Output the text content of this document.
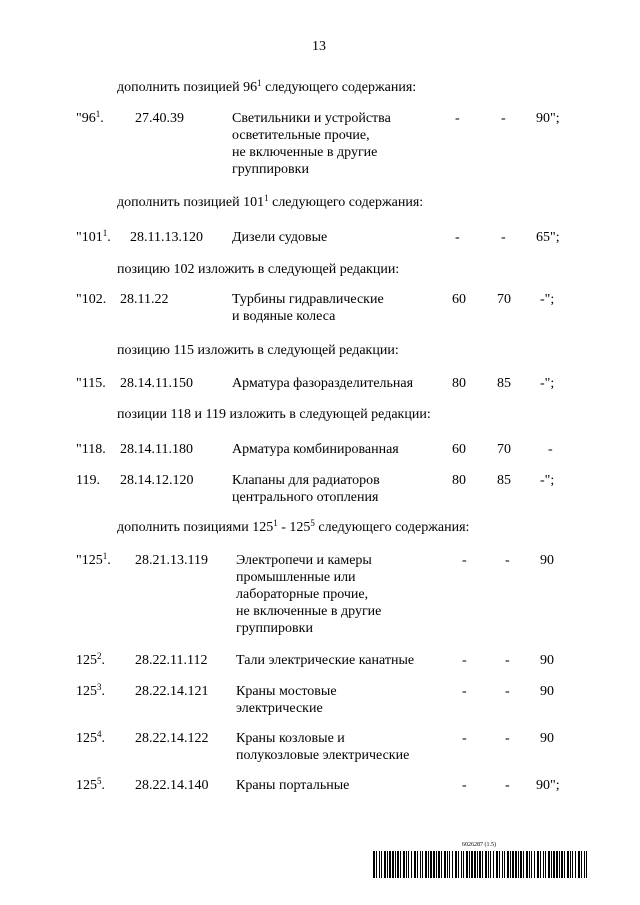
13
дополнить позицией $96^1$ следующего содержания:
дополнить позицией $101^1$ следующего содержания:
позицию 102 изложить в следующей редакции:
позицию 115 изложить в следующей редакции:
позиции 118 и 119 изложить в следующей редакции:
дополнить позициями $125^1 - 125^5$ следующего содержания:
"$96^1$. 27.40.39	Светильники и устройства
осветительные прочие,
не включенные в другие
группировки
-	- 90";
"$101^1$. 28.11.13.120 Дизели судовые	-	- 65";
"102. 28.11.22	Турбины гидравлические
и водяные колеса
60 70 -";
"115. 28.14.11.150	Арматура фазоразделительная	80 85 -";
"118. 28.14.11.180	Арматура комбинированная	60 70	-
119. 28.14.12.120	Клапаны для радиаторов
центрального отопления
80 85 -";
"$125^1$. 28.21.13.119 Электропечи и камеры
промышленные или
лабораторные прочие,
не включенные в другие
группировки
-	- 90
$125^2$. 28.22.11.112 Тали электрические канатные	-	- 90
$125^3$. 28.22.14.121 Краны мостовые
электрические
-	- 90
$125^4$. 28.22.14.122 Краны козловые и
полукозловые электрические
-	- 90
$125^5$. 28.22.14.140 Краны портальные	-	- 90";
6026287 (1.5)
